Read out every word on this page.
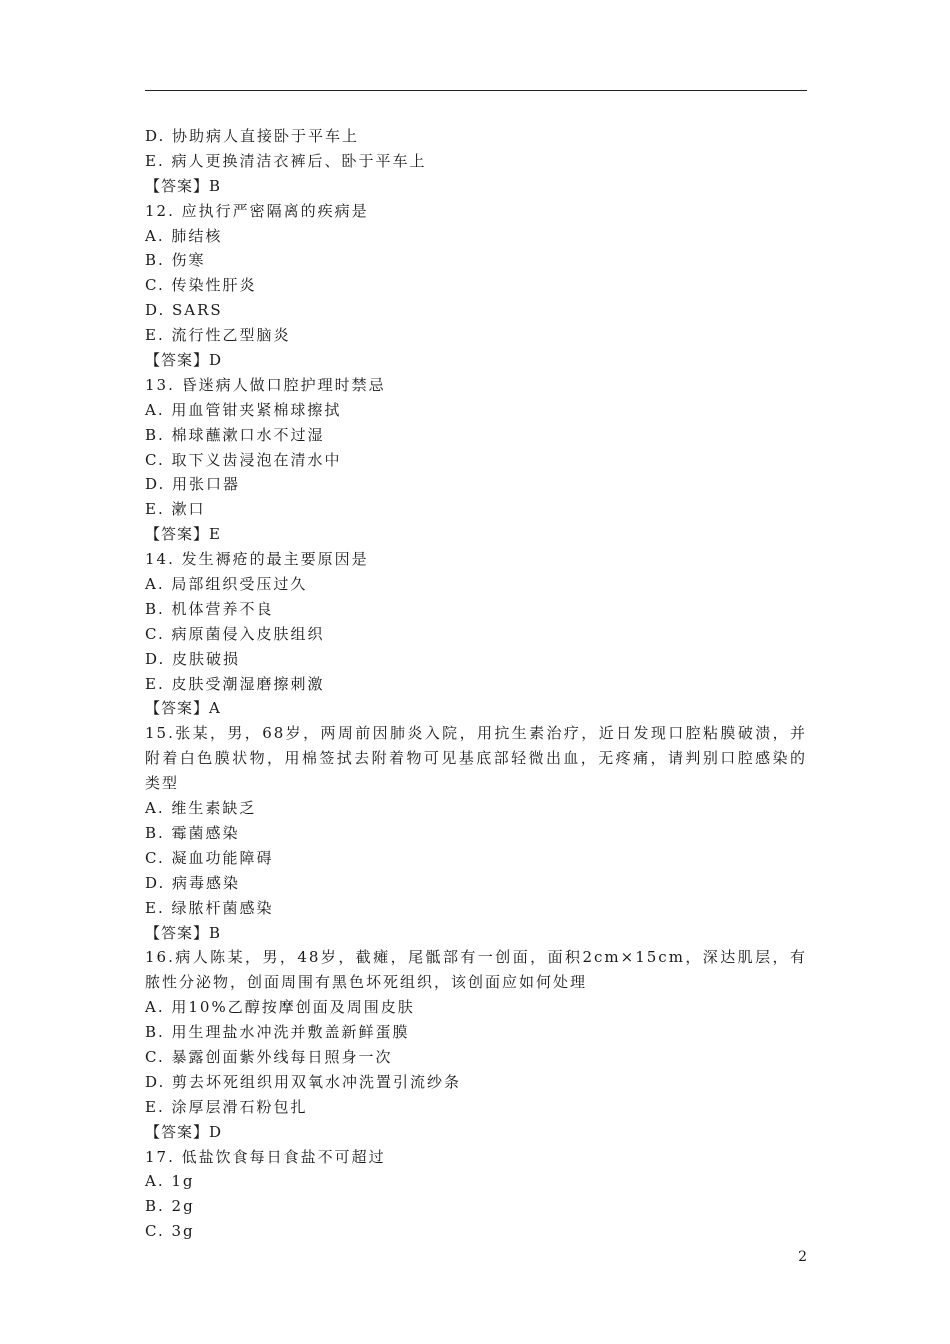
D. 协助病人直接卧于平车上
E. 病人更换清洁衣裤后、卧于平车上
【答案】B
12. 应执行严密隔离的疾病是
A. 肺结核
B. 伤寒
C. 传染性肝炎
D. SARS
E. 流行性乙型脑炎
【答案】D
13. 昏迷病人做口腔护理时禁忌
A. 用血管钳夹紧棉球擦拭
B. 棉球蘸漱口水不过湿
C. 取下义齿浸泡在清水中
D. 用张口器
E. 漱口
【答案】E
14. 发生褥疮的最主要原因是
A. 局部组织受压过久
B. 机体营养不良
C. 病原菌侵入皮肤组织
D. 皮肤破损
E. 皮肤受潮湿磨擦刺激
【答案】A
15.张某，男，68岁，两周前因肺炎入院，用抗生素治疗，近日发现口腔粘膜破溃，并附着白色膜状物，用棉签拭去附着物可见基底部轻微出血，无疼痛，请判别口腔感染的类型
A. 维生素缺乏
B. 霉菌感染
C. 凝血功能障碍
D. 病毒感染
E. 绿脓杆菌感染
【答案】B
16.病人陈某，男，48岁，截瘫，尾骶部有一创面，面积2cm×15cm，深达肌层，有脓性分泌物，创面周围有黑色坏死组织，该创面应如何处理
A. 用10%乙醇按摩创面及周围皮肤
B. 用生理盐水冲洗并敷盖新鲜蛋膜
C. 暴露创面紫外线每日照身一次
D. 剪去坏死组织用双氧水冲洗置引流纱条
E. 涂厚层滑石粉包扎
【答案】D
17. 低盐饮食每日食盐不可超过
A. 1g
B. 2g
C. 3g
2
